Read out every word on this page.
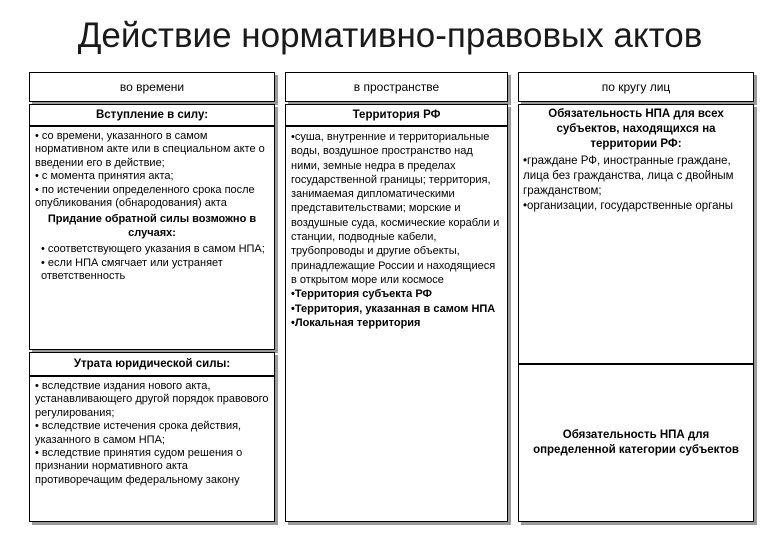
Действие нормативно-правовых актов
во времени	в пространстве	по кругу лиц
Вступление в силу:
• со времени, указанного в самом нормативном акте или в специальном акте о введении его в действие;
• с момента принятия акта;
• по истечении определенного срока после опубликования (обнародования) акта
Придание обратной силы возможно в случаях:
• соответствующего указания в самом НПА;
• если НПА смягчает или устраняет ответственность
Утрата юридической силы:
• вследствие издания нового акта, устанавливающего другой порядок правового регулирования;
• вследствие истечения срока действия, указанного в самом НПА;
• вследствие принятия судом решения о признании нормативного акта противоречащим федеральному закону
Территория РФ
•суша, внутренние и территориальные воды, воздушное пространство над ними, земные недра в пределах государственной границы; территория, занимаемая дипломатическими представительствами; морские и воздушные суда, космические корабли и станции, подводные кабели, трубопроводы и другие объекты, принадлежащие России и находящиеся в открытом море или космосе
•Территория субъекта РФ
•Территория, указанная в самом НПА
•Локальная территория
Обязательность НПА для всех субъектов, находящихся на территории РФ:
•граждане РФ, иностранные граждане, лица без гражданства, лица с двойным гражданством;
•организации, государственные органы
Обязательность НПА для определенной категории субъектов
